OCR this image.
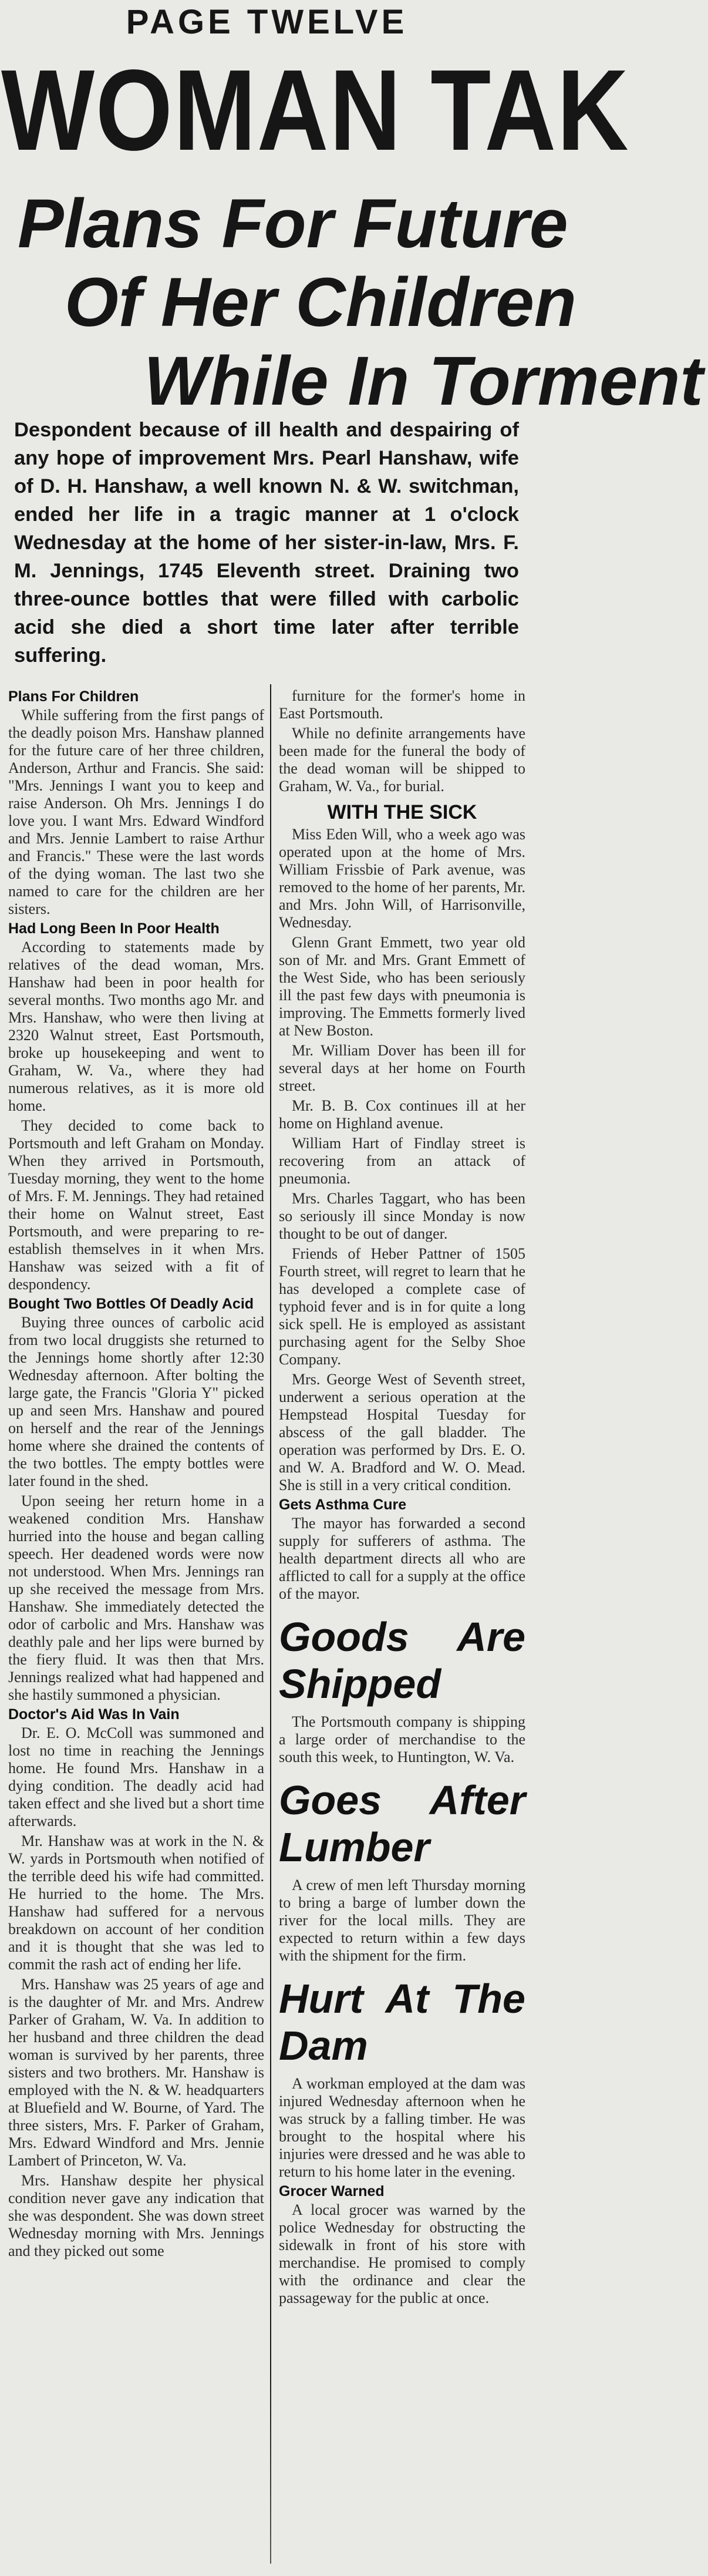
PAGE TWELVE
WOMAN TAK
Plans For Future
Of Her Children
While In Torment
Despondent because of ill health and despairing of any hope of improvement Mrs. Pearl Hanshaw, wife of D. H. Hanshaw, a well known N. & W. switchman, ended her life in a tragic manner at 1 o'clock Wednesday at the home of her sister-in-law, Mrs. F. M. Jennings, 1745 Eleventh street. Draining two three-ounce bottles that were filled with carbolic acid she died a short time later after terrible suffering.
Plans For Children

While suffering from the first pangs of the deadly poison Mrs. Hanshaw planned for the future care of her three children, Anderson, Arthur and Francis. She said: "Mrs. Jennings I want you to keep and raise Anderson. Oh Mrs. Jennings I do love you. I want Mrs. Edward Windford and Mrs. Jennie Lambert to raise Arthur and Francis." These were the last words of the dying woman. The last two she named to care for the children are her sisters.

Had Long Been In Poor Health

According to statements made by relatives of the dead woman, Mrs. Hanshaw had been in poor health for several months. Two months ago Mr. and Mrs. Hanshaw, who were then living at 2320 Walnut street, East Portsmouth, broke up housekeeping and went to Graham, W. Va., where they had numerous relatives, as it is more old home.

They decided to come back to Portsmouth and left Graham on Monday. When they arrived in Portsmouth, Tuesday morning, they went to the home of Mrs. F. M. Jennings. They had retained their home on Walnut street, East Portsmouth, and were preparing to re-establish themselves in it when Mrs. Hanshaw was seized with a fit of despondency.

Bought Two Bottles Of Deadly Acid

Buying three ounces of carbolic acid from two local druggists she returned to the Jennings home shortly after 12:30 Wednesday afternoon. After bolting the large gate, the Francis "Gloria Y" picked up and seen Mrs. Hanshaw and poured on herself and the rear of the Jennings home where she drained the contents of the two bottles. The empty bottles were later found in the shed.

Upon seeing her return home in a weakened condition Mrs. Hanshaw hurried into the house and began calling speech. Her deadened words were now not understood. When Mrs. Jennings ran up she received the message from Mrs. Hanshaw. She immediately detected the odor of carbolic and Mrs. Hanshaw was deathly pale and her lips were burned by the fiery fluid. It was then that Mrs. Jennings realized what had happened and she hastily summoned a physician.

Doctor's Aid Was In Vain

Dr. E. O. McColl was summoned and lost no time in reaching the Jennings home. He found Mrs. Hanshaw in a dying condition. The deadly acid had taken effect and she lived but a short time afterwards.

Mr. Hanshaw was at work in the N. & W. yards in Portsmouth when notified of the terrible deed his wife had committed. He hurried to the home. The Mrs. Hanshaw had suffered for a nervous breakdown on account of her condition and it is thought that she was led to commit the rash act of ending her life.

Mrs. Hanshaw was 25 years of age and is the daughter of Mr. and Mrs. Andrew Parker of Graham, W. Va. In addition to her husband and three children the dead woman is survived by her parents, three sisters and two brothers. Mr. Hanshaw is employed with the N. & W. headquarters at Bluefield and W. Bourne, of Yard. The three sisters, Mrs. F. Parker of Graham, Mrs. Edward Windford and Mrs. Jennie Lambert of Princeton, W. Va.

Mrs. Hanshaw despite her physical condition never gave any indication that she was despondent. She was down street Wednesday morning with Mrs. Jennings and they picked out some

furniture for the former's home in East Portsmouth.

While no definite arrangements have been made for the funeral the body of the dead woman will be shipped to Graham, W. Va., for burial.

WITH THE SICK

Miss Eden Will, who a week ago was operated upon at the home of Mrs. William Frissbie of Park avenue, was removed to the home of her parents, Mr. and Mrs. John Will, of Harrisonville, Wednesday.

Glenn Grant Emmett, two year old son of Mr. and Mrs. Grant Emmett of the West Side, who has been seriously ill the past few days with pneumonia is improving. The Emmetts formerly lived at New Boston.

Mr. William Dover has been ill for several days at her home on Fourth street.

Mr. B. B. Cox continues ill at her home on Highland avenue.

William Hart of Findlay street is recovering from an attack of pneumonia.

Mrs. Charles Taggart, who has been so seriously ill since Monday is now thought to be out of danger.

Friends of Heber Pattner of 1505 Fourth street, will regret to learn that he has developed a complete case of typhoid fever and is in for quite a long sick spell. He is employed as assistant purchasing agent for the Selby Shoe Company.

Mrs. George West of Seventh street, underwent a serious operation at the Hempstead Hospital Tuesday for abscess of the gall bladder. The operation was performed by Drs. E. O. and W. A. Bradford and W. O. Mead. She is still in a very critical condition.

Gets Asthma Cure

The mayor has forwarded a second supply for sufferers of asthma. The health department directs all who are afflicted to call for a supply at the office of the mayor.

Goods Are Shipped

The Portsmouth company is shipping a large order of merchandise to the south this week, to Huntington, W. Va.

Goes After Lumber

A crew of men left Thursday morning to bring a barge of lumber down the river for the local mills. They are expected to return within a few days with the shipment for the firm.

Hurt At The Dam

A workman employed at the dam was injured Wednesday afternoon when he was struck by a falling timber. He was brought to the hospital where his injuries were dressed and he was able to return to his home later in the evening.

Grocer Warned

A local grocer was warned by the police Wednesday for obstructing the sidewalk in front of his store with merchandise. He promised to comply with the ordinance and clear the passageway for the public at once.
